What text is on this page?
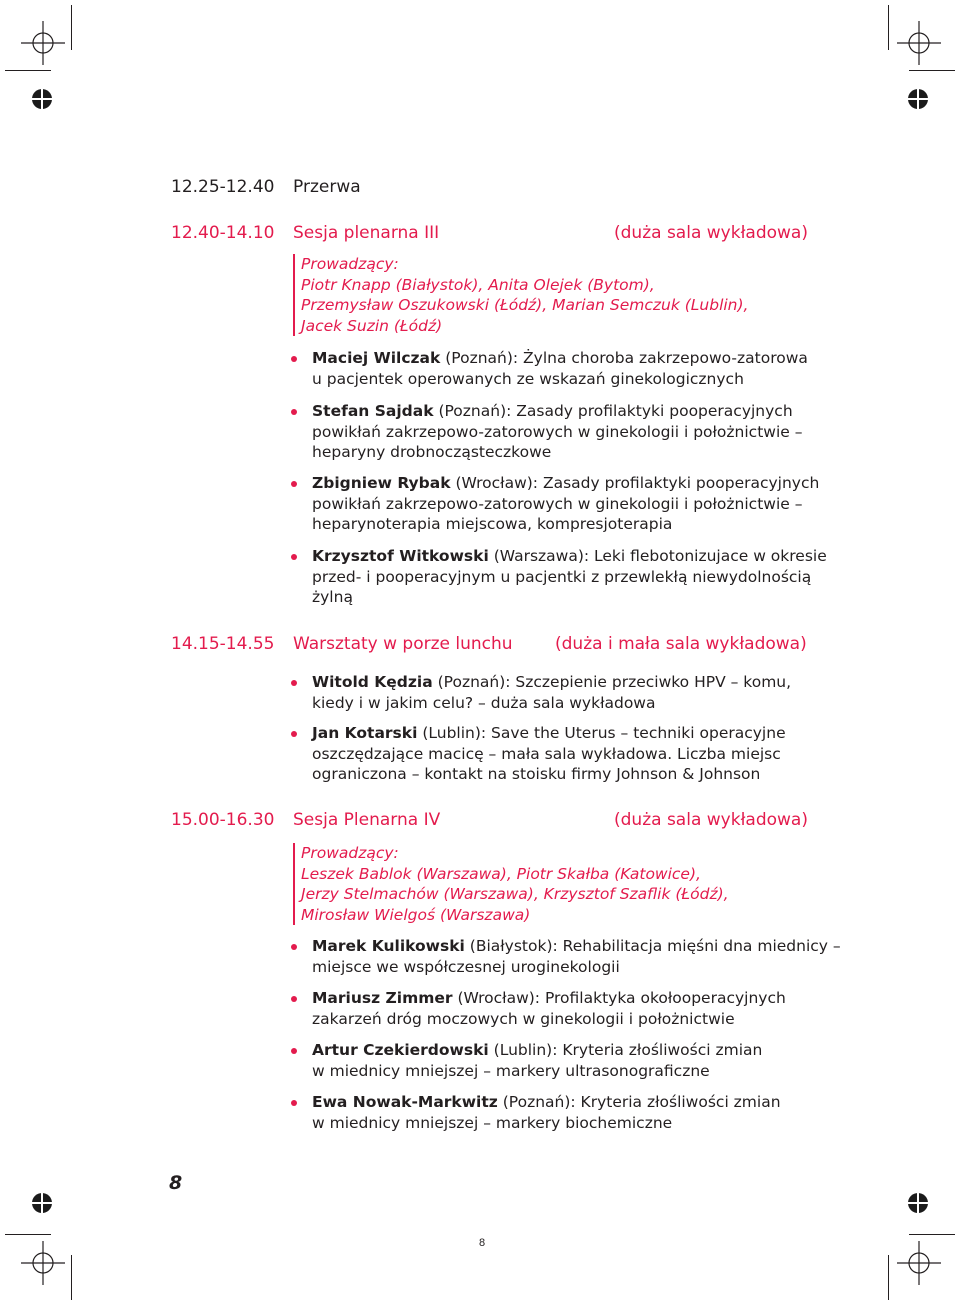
12.25-12.40 Przerwa
12.40-14.10 Sesja plenarna III	(duża sala wykładowa)
Prowadzący:
Piotr Knapp (Białystok), Anita Olejek (Bytom),
Przemysław Oszukowski (Łódź), Marian Semczuk (Lublin),
Jacek Suzin (Łódź)
Maciej Wilczak (Poznań): Żylna choroba zakrzepowo-zatorowa
u pacjentek operowanych ze wskazań ginekologicznych
Stefan Sajdak (Poznań): Zasady profilaktyki pooperacyjnych
powikłań zakrzepowo-zatorowych w ginekologii i położnictwie –
heparyny drobnocząsteczkowe
Zbigniew Rybak (Wrocław): Zasady profilaktyki pooperacyjnych
powikłań zakrzepowo-zatorowych w ginekologii i położnictwie –
heparynoterapia miejscowa, kompresjoterapia
Krzysztof Witkowski (Warszawa): Leki flebotonizujace w okresie
przed- i pooperacyjnym u pacjentki z przewlekłą niewydolnością
żylną
14.15-14.55 Warsztaty w porze lunchu (duża i mała sala wykładowa)
Witold Kędzia (Poznań): Szczepienie przeciwko HPV – komu,
kiedy i w jakim celu? – duża sala wykładowa
Jan Kotarski (Lublin): Save the Uterus – techniki operacyjne
oszczędzające macicę – mała sala wykładowa. Liczba miejsc
ograniczona – kontakt na stoisku firmy Johnson & Johnson
15.00-16.30 Sesja Plenarna IV	(duża sala wykładowa)
Prowadzący:
Leszek Bablok (Warszawa), Piotr Skałba (Katowice),
Jerzy Stelmachów (Warszawa), Krzysztof Szaflik (Łódź),
Mirosław Wielgoś (Warszawa)
Marek Kulikowski (Białystok): Rehabilitacja mięśni dna miednicy –
miejsce we współczesnej uroginekologii
Mariusz Zimmer (Wrocław): Profilaktyka okołooperacyjnych
zakarzeń dróg moczowych w ginekologii i położnictwie
Artur Czekierdowski (Lublin): Kryteria złośliwości zmian
w miednicy mniejszej – markery ultrasonograficzne
Ewa Nowak-Markwitz (Poznań): Kryteria złośliwości zmian
w miednicy mniejszej – markery biochemiczne
8
8
